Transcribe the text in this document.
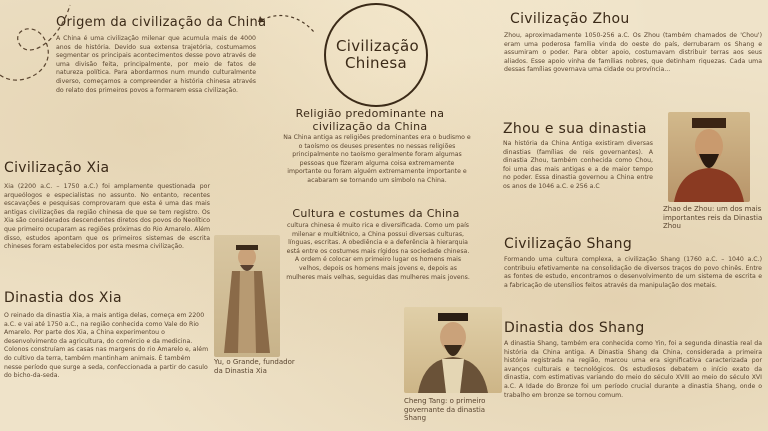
Civilização Chinesa
Origem da civilização da China
A China é uma civilização milenar que acumula mais de 4000 anos de história. Devido sua extensa trajetória, costumamos segmentar os principais acontecimentos desse povo através de uma divisão feita, principalmente, por meio de fatos de natureza política. Para abordarmos num mundo culturalmente diverso, começamos a compreender a história chinesa através do relato dos primeiros povos a formarem essa civilização.
Civilização Xia
Xia (2200 a.C. – 1750 a.C.) foi amplamente questionada por arqueólogos e especialistas no assunto. No entanto, recentes escavações e pesquisas comprovaram que esta é uma das mais antigas civilizações da região chinesa de que se tem registro. Os Xia são considerados descendentes diretos dos povos do Neolítico que primeiro ocuparam as regiões próximas do Rio Amarelo. Além disso, estudos apontam que os primeiros sistemas de escrita chineses foram estabelecidos por esta mesma civilização.
Dinastia dos Xia
O reinado da dinastia Xia, a mais antiga delas, começa em 2200 a.C. e vai até 1750 a.C., na região conhecida como Vale do Rio Amarelo. Por parte dos Xia, a China experimentou o desenvolvimento da agricultura, do comércio e da medicina. Colonos construíam as casas nas margens do rio Amarelo e, além do cultivo da terra, também mantinham animais. É também nesse período que surge a seda, confeccionada a partir do casulo do bicho-da-seda.
Yu, o Grande, fundador da Dinastia Xia
Religião predominante na civilização da China
Na China antiga as religiões predominantes era o budismo e o taoísmo os deuses presentes no nessas religiões principalmente no taoísmo geralmente foram algumas pessoas que fizeram alguma coisa extremamente importante ou foram alguém extremamente importante e acabaram se tornando um símbolo na China.
Cultura e costumes da China
cultura chinesa é muito rica e diversificada. Como um país milenar e multiétnico, a China possui diversas culturas, línguas, escritas. A obediência e a deferência à hierarquia está entre os costumes mais rígidos na sociedade chinesa. A ordem é colocar em primeiro lugar os homens mais velhos, depois os homens mais jovens e, depois as mulheres mais velhas, seguidas das mulheres mais jovens.
Cheng Tang: o primeiro governante da dinastia Shang
Civilização Zhou
Zhou, aproximadamente 1050-256 a.C. Os Zhou (também chamados de 'Chou') eram uma poderosa família vinda do oeste do país, derrubaram os Shang e assumiram o poder. Para obter apoio, costumavam distribuir terras aos seus aliados. Esse apoio vinha de famílias nobres, que detinham riquezas. Cada uma dessas famílias governava uma cidade ou província...
Zhou e sua dinastia
Na história da China Antiga existiram diversas dinastias (famílias de reis governantes). A dinastia Zhou, também conhecida como Chou, foi uma das mais antigas e a de maior tempo no poder. Essa dinastia governou a China entre os anos de 1046 a.C. e 256 a.C
Zhao de Zhou: um dos mais importantes reis da Dinastia Zhou
Civilização Shang
Formando uma cultura complexa, a civilização Shang (1760 a.C. – 1040 a.C.) contribuiu efetivamente na consolidação de diversos traços do povo chinês. Entre as fontes de estudo, encontramos o desenvolvimento de um sistema de escrita e a fabricação de utensílios feitos através da manipulação dos metais.
Dinastia dos Shang
A dinastia Shang, também era conhecida como Yin, foi a segunda dinastia real da história da China antiga. A Dinastia Shang da China, considerada a primeira história registrada na região, marcou uma era significativa caracterizada por avanços culturais e tecnológicos. Os estudiosos debatem o início exato da dinastia, com estimativas variando do meio do século XVIII ao meio do século XVI a.C. A Idade do Bronze foi um período crucial durante a dinastia Shang, onde o trabalho em bronze se tornou comum.
